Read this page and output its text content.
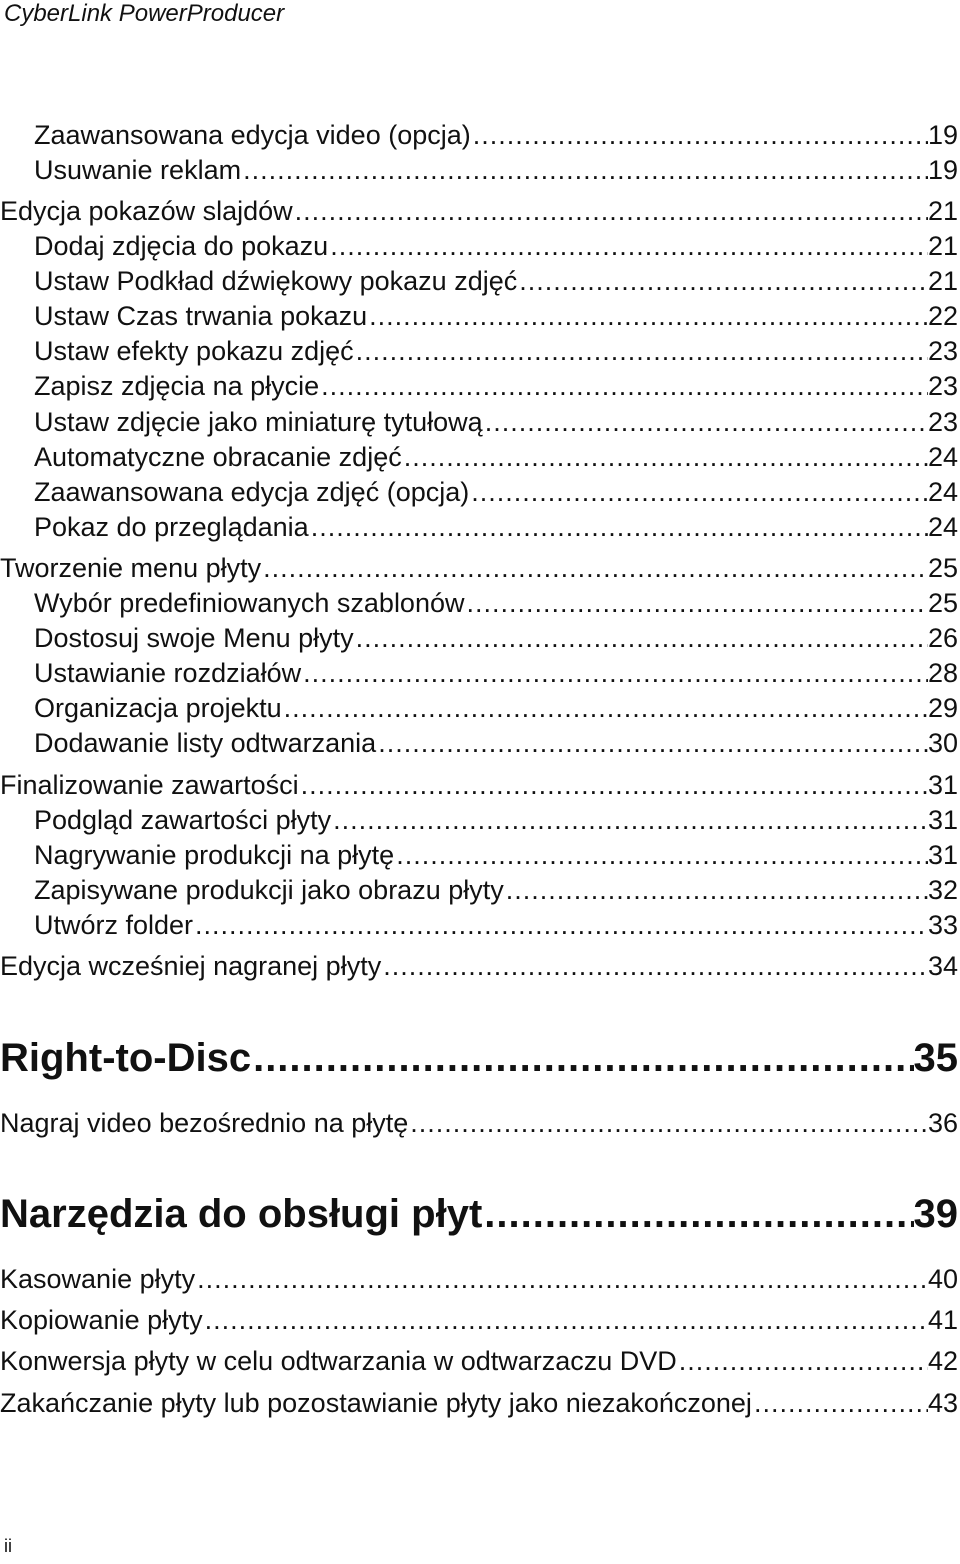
CyberLink PowerProducer
Zaawansowana edycja video (opcja) .....	19
Usuwanie reklam .....	19
Edycja pokazów slajdów .....	21
Dodaj zdjęcia do pokazu .....	21
Ustaw Podkład dźwiękowy pokazu zdjęć .....	21
Ustaw Czas trwania pokazu .....	22
Ustaw efekty pokazu zdjęć .....	23
Zapisz zdjęcia na płycie .....	23
Ustaw zdjęcie jako miniaturę tytułową .....	23
Automatyczne obracanie zdjęć .....	24
Zaawansowana edycja zdjęć (opcja) .....	24
Pokaz do przeglądania .....	24
Tworzenie menu płyty .....	25
Wybór predefiniowanych szablonów .....	25
Dostosuj swoje Menu płyty .....	26
Ustawianie rozdziałów .....	28
Organizacja projektu .....	29
Dodawanie listy odtwarzania .....	30
Finalizowanie zawartości .....	31
Podgląd zawartości płyty .....	31
Nagrywanie produkcji na płytę .....	31
Zapisywane produkcji jako obrazu płyty .....	32
Utwórz folder .....	33
Edycja wcześniej nagranej płyty .....	34
Right-to-Disc .....	35
Nagraj video bezośrednio na płytę .....	36
Narzędzia do obsługi płyt .....	39
Kasowanie płyty .....	40
Kopiowanie płyty .....	41
Konwersja płyty w celu odtwarzania w odtwarzaczu DVD .....	42
Zakańczanie płyty lub pozostawianie płyty jako niezakończonej .....	43
ii
